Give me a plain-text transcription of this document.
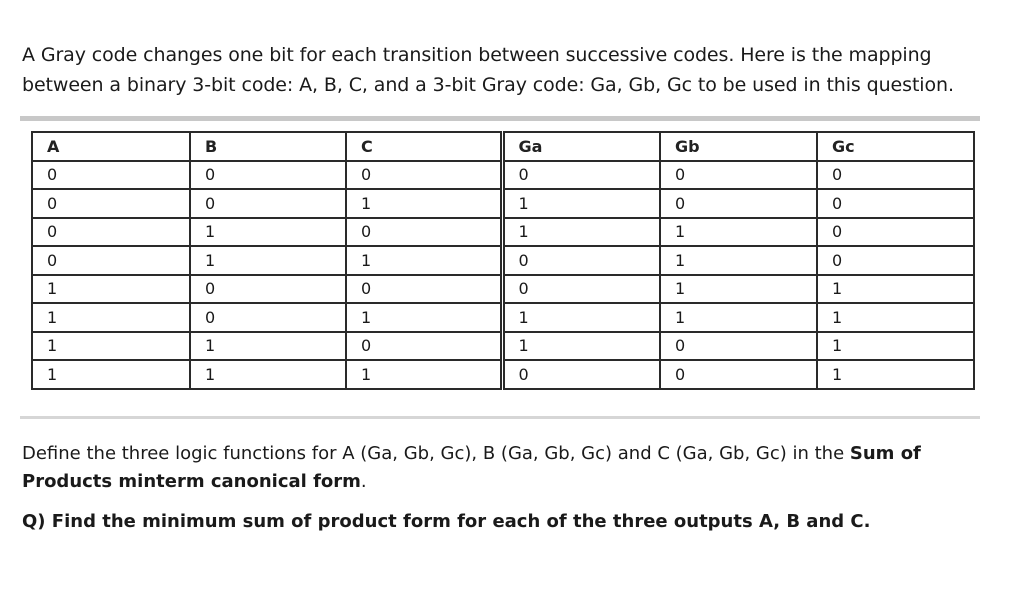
A Gray code changes one bit for each transition between successive codes. Here is the mapping

between a binary 3-bit code: A, B, C, and a 3-bit Gray code: Ga, Gb, Gc to be used in this question.

A	B	C	Ga	Gb	Gc
0	0	0	0	0	0
0	0	1	1	0	0
0	1	0	1	1	0
0	1	1	0	1	0
1	0	0	0	1	1
1	0	1	1	1	1
1	1	0	1	0	1
1	1	1	0	0	1

Define the three logic functions for A (Ga, Gb, Gc), B (Ga, Gb, Gc) and C (Ga, Gb, Gc) in the Sum of
Products minterm canonical form.

Q) Find the minimum sum of product form for each of the three outputs A, B and C.
